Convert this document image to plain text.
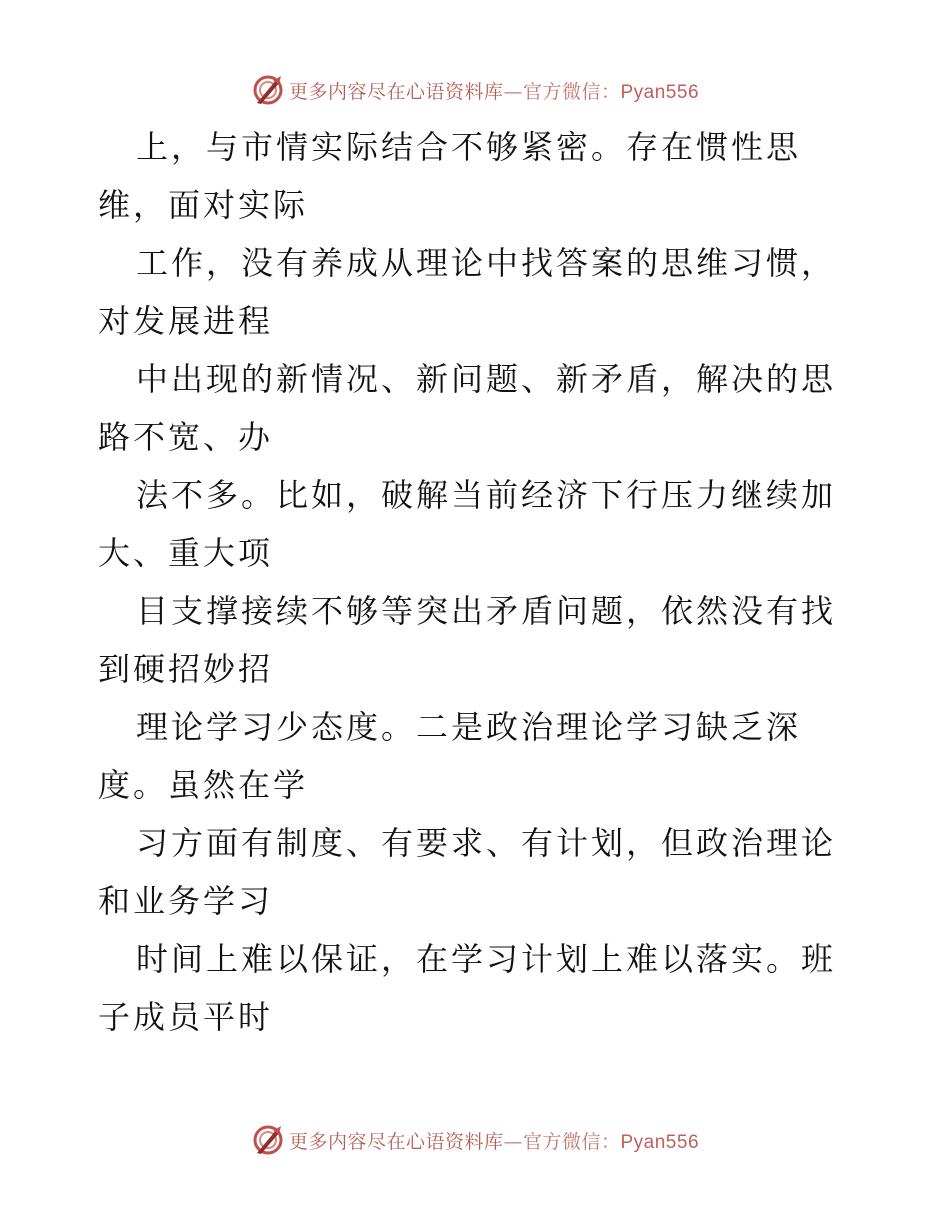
更多内容尽在心语资料库—官方微信：Pyan556

上，与市情实际结合不够紧密。存在惯性思维，面对实际

工作，没有养成从理论中找答案的思维习惯，对发展进程

中出现的新情况、新问题、新矛盾，解决的思路不宽、办

法不多。比如，破解当前经济下行压力继续加大、重大项

目支撑接续不够等突出矛盾问题，依然没有找到硬招妙招

理论学习少态度。二是政治理论学习缺乏深度。虽然在学

习方面有制度、有要求、有计划，但政治理论和业务学习

时间上难以保证，在学习计划上难以落实。班子成员平时

更多内容尽在心语资料库—官方微信：Pyan556
